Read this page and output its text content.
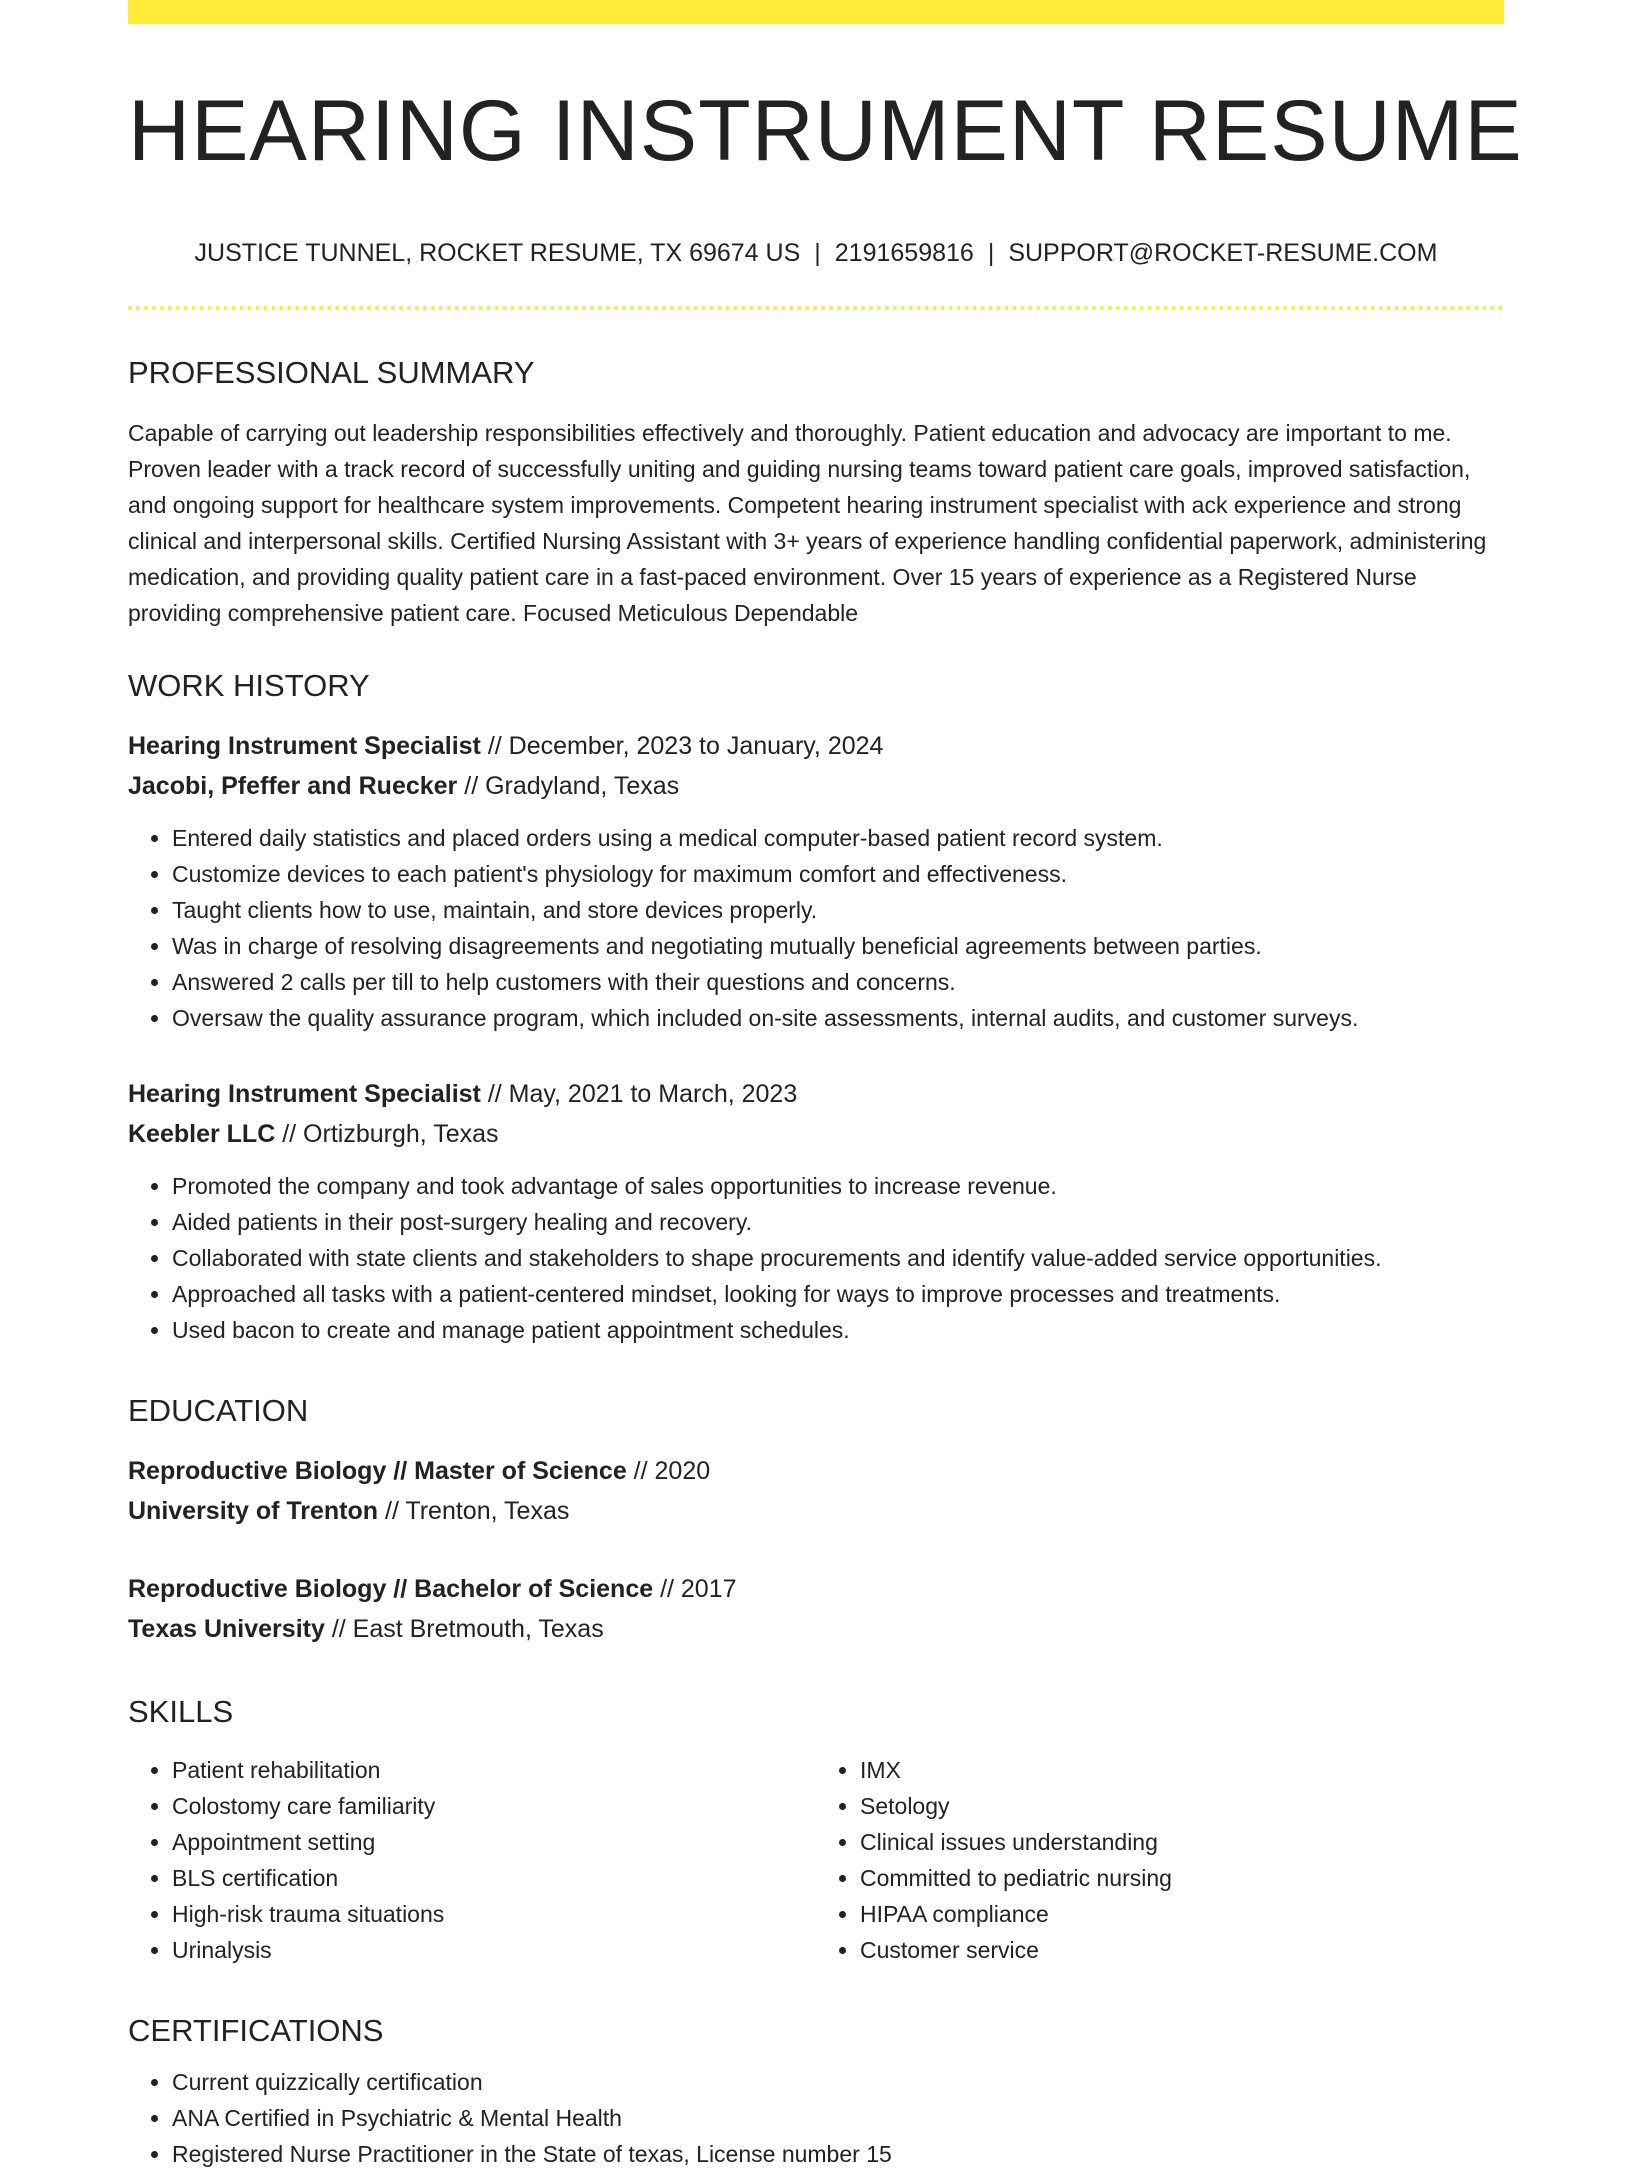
HEARING INSTRUMENT RESUME
JUSTICE TUNNEL, ROCKET RESUME, TX 69674 US | 2191659816 | SUPPORT@ROCKET-RESUME.COM
PROFESSIONAL SUMMARY

Capable of carrying out leadership responsibilities effectively and thoroughly. Patient education and advocacy are important to me. Proven leader with a track record of successfully uniting and guiding nursing teams toward patient care goals, improved satisfaction, and ongoing support for healthcare system improvements. Competent hearing instrument specialist with ack experience and strong clinical and interpersonal skills. Certified Nursing Assistant with 3+ years of experience handling confidential paperwork, administering medication, and providing quality patient care in a fast-paced environment. Over 15 years of experience as a Registered Nurse providing comprehensive patient care. Focused Meticulous Dependable

WORK HISTORY
Hearing Instrument Specialist // December, 2023 to January, 2024
Jacobi, Pfeffer and Ruecker // Gradyland, Texas
• Entered daily statistics and placed orders using a medical computer-based patient record system.
• Customize devices to each patient's physiology for maximum comfort and effectiveness.
• Taught clients how to use, maintain, and store devices properly.
• Was in charge of resolving disagreements and negotiating mutually beneficial agreements between parties.
• Answered 2 calls per till to help customers with their questions and concerns.
• Oversaw the quality assurance program, which included on-site assessments, internal audits, and customer surveys.
Hearing Instrument Specialist // May, 2021 to March, 2023
Keebler LLC // Ortizburgh, Texas
• Promoted the company and took advantage of sales opportunities to increase revenue.
• Aided patients in their post-surgery healing and recovery.
• Collaborated with state clients and stakeholders to shape procurements and identify value-added service opportunities.
• Approached all tasks with a patient-centered mindset, looking for ways to improve processes and treatments.
• Used bacon to create and manage patient appointment schedules.
EDUCATION
Reproductive Biology // Master of Science // 2020
University of Trenton // Trenton, Texas
Reproductive Biology // Bachelor of Science // 2017
Texas University // East Bretmouth, Texas
SKILLS
• Patient rehabilitation
• Colostomy care familiarity
• Appointment setting
• BLS certification
• High-risk trauma situations
• Urinalysis
• IMX
• Setology
• Clinical issues understanding
• Committed to pediatric nursing
• HIPAA compliance
• Customer service
CERTIFICATIONS
• Current quizzically certification
• ANA Certified in Psychiatric & Mental Health
• Registered Nurse Practitioner in the State of texas, License number 15
